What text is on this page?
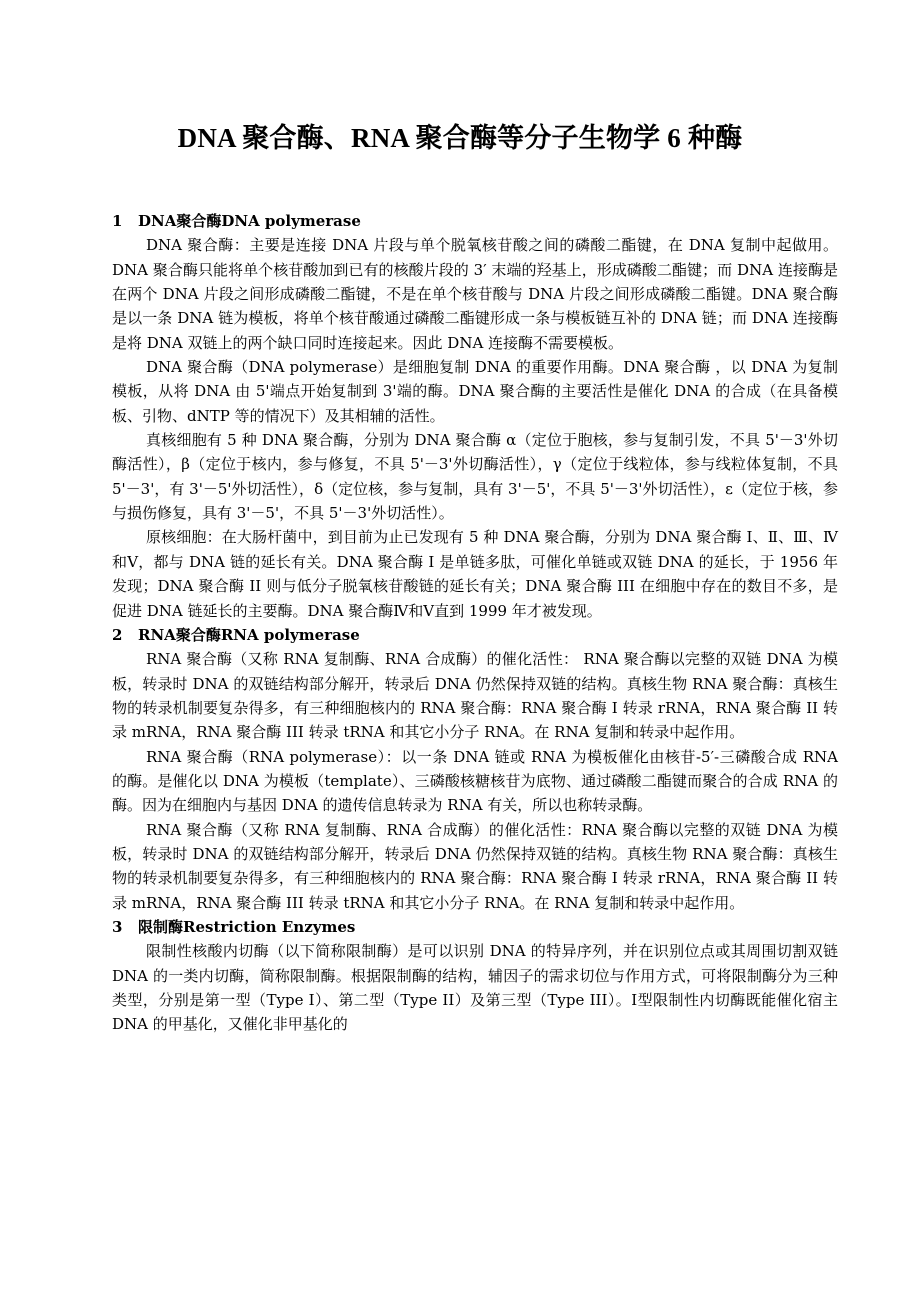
DNA 聚合酶、RNA 聚合酶等分子生物学 6 种酶
1 DNA聚合酶DNA polymerase

DNA 聚合酶：主要是连接 DNA 片段与单个脱氧核苷酸之间的磷酸二酯键，在 DNA 复制中起做用。DNA 聚合酶只能将单个核苷酸加到已有的核酸片段的 3′ 末端的羟基上，形成磷酸二酯键；而 DNA 连接酶是在两个 DNA 片段之间形成磷酸二酯键，不是在单个核苷酸与 DNA 片段之间形成磷酸二酯键。DNA 聚合酶是以一条 DNA 链为模板，将单个核苷酸通过磷酸二酯键形成一条与模板链互补的 DNA 链；而 DNA 连接酶是将 DNA 双链上的两个缺口同时连接起来。因此 DNA 连接酶不需要模板。

DNA 聚合酶（DNA polymerase）是细胞复制 DNA 的重要作用酶。DNA 聚合酶 ，以 DNA 为复制模板，从将 DNA 由 5'端点开始复制到 3'端的酶。DNA 聚合酶的主要活性是催化 DNA 的合成（在具备模板、引物、dNTP 等的情况下）及其相辅的活性。

真核细胞有 5 种 DNA 聚合酶，分别为 DNA 聚合酶 α（定位于胞核，参与复制引发，不具 5'－3'外切酶活性），β（定位于核内，参与修复，不具 5'－3'外切酶活性），γ（定位于线粒体，参与线粒体复制，不具 5'－3'，有 3'－5'外切活性），δ（定位核，参与复制，具有 3'－5'，不具 5'－3'外切活性），ε（定位于核，参与损伤修复，具有 3'－5'，不具 5'－3'外切活性）。

原核细胞：在大肠杆菌中，到目前为止已发现有 5 种 DNA 聚合酶，分别为 DNA 聚合酶 Ⅰ、Ⅱ、Ⅲ、Ⅳ和Ⅴ，都与 DNA 链的延长有关。DNA 聚合酶 I 是单链多肽，可催化单链或双链 DNA 的延长，于 1956 年发现；DNA 聚合酶 II 则与低分子脱氧核苷酸链的延长有关；DNA 聚合酶 III 在细胞中存在的数目不多，是促进 DNA 链延长的主要酶。DNA 聚合酶Ⅳ和Ⅴ直到 1999 年才被发现。

2 RNA聚合酶RNA polymerase

RNA 聚合酶（又称 RNA 复制酶、RNA 合成酶）的催化活性： RNA 聚合酶以完整的双链 DNA 为模板，转录时 DNA 的双链结构部分解开，转录后 DNA 仍然保持双链的结构。真核生物 RNA 聚合酶：真核生物的转录机制要复杂得多，有三种细胞核内的 RNA 聚合酶：RNA 聚合酶 I 转录 rRNA，RNA 聚合酶 II 转录 mRNA，RNA 聚合酶 III 转录 tRNA 和其它小分子 RNA。在 RNA 复制和转录中起作用。

RNA 聚合酶（RNA polymerase）：以一条 DNA 链或 RNA 为模板催化由核苷-5′-三磷酸合成 RNA 的酶。是催化以 DNA 为模板（template）、三磷酸核糖核苷为底物、通过磷酸二酯键而聚合的合成 RNA 的酶。因为在细胞内与基因 DNA 的遗传信息转录为 RNA 有关，所以也称转录酶。

RNA 聚合酶（又称 RNA 复制酶、RNA 合成酶）的催化活性：RNA 聚合酶以完整的双链 DNA 为模板，转录时 DNA 的双链结构部分解开，转录后 DNA 仍然保持双链的结构。真核生物 RNA 聚合酶：真核生物的转录机制要复杂得多，有三种细胞核内的 RNA 聚合酶：RNA 聚合酶 I 转录 rRNA，RNA 聚合酶 II 转录 mRNA，RNA 聚合酶 III 转录 tRNA 和其它小分子 RNA。在 RNA 复制和转录中起作用。

3 限制酶Restriction Enzymes

限制性核酸内切酶（以下简称限制酶）是可以识别 DNA 的特异序列，并在识别位点或其周围切割双链 DNA 的一类内切酶，简称限制酶。根据限制酶的结构，辅因子的需求切位与作用方式，可将限制酶分为三种类型，分别是第一型（Type I）、第二型（Type II）及第三型（Type III）。Ⅰ型限制性内切酶既能催化宿主 DNA 的甲基化，又催化非甲基化的
